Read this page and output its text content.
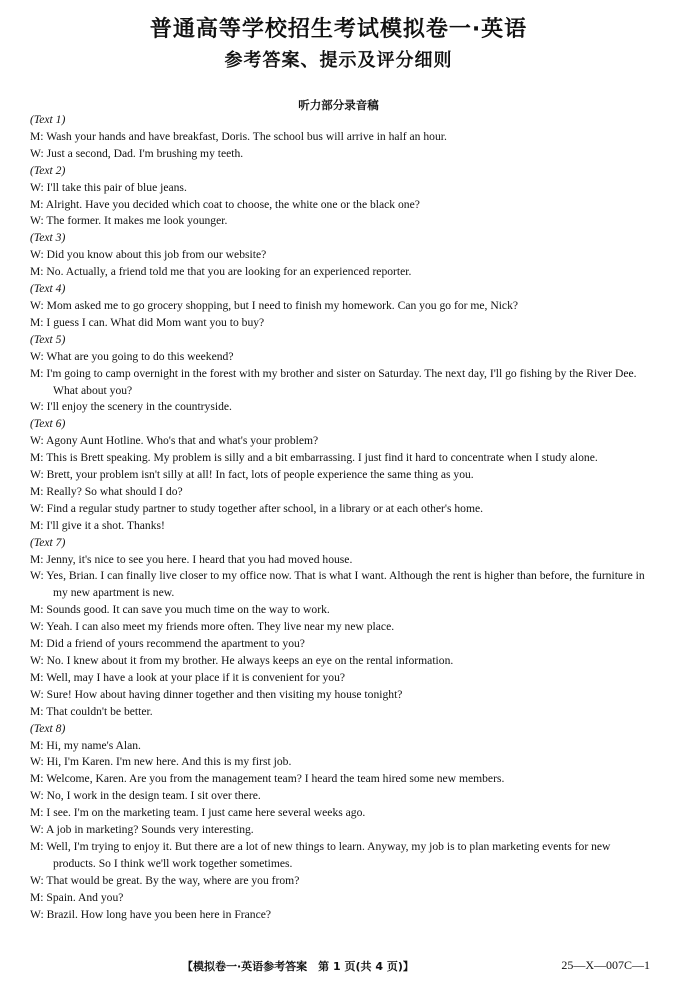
普通高等学校招生考试模拟卷一·英语
参考答案、提示及评分细则
听力部分录音稿
(Text 1)
M: Wash your hands and have breakfast, Doris. The school bus will arrive in half an hour.
W: Just a second, Dad. I'm brushing my teeth.
(Text 2)
W: I'll take this pair of blue jeans.
M: Alright. Have you decided which coat to choose, the white one or the black one?
W: The former. It makes me look younger.
(Text 3)
W: Did you know about this job from our website?
M: No. Actually, a friend told me that you are looking for an experienced reporter.
(Text 4)
W: Mom asked me to go grocery shopping, but I need to finish my homework. Can you go for me, Nick?
M: I guess I can. What did Mom want you to buy?
(Text 5)
W: What are you going to do this weekend?
M: I'm going to camp overnight in the forest with my brother and sister on Saturday. The next day, I'll go fishing by the River Dee. What about you?
W: I'll enjoy the scenery in the countryside.
(Text 6)
W: Agony Aunt Hotline. Who's that and what's your problem?
M: This is Brett speaking. My problem is silly and a bit embarrassing. I just find it hard to concentrate when I study alone.
W: Brett, your problem isn't silly at all! In fact, lots of people experience the same thing as you.
M: Really? So what should I do?
W: Find a regular study partner to study together after school, in a library or at each other's home.
M: I'll give it a shot. Thanks!
(Text 7)
M: Jenny, it's nice to see you here. I heard that you had moved house.
W: Yes, Brian. I can finally live closer to my office now. That is what I want. Although the rent is higher than before, the furniture in my new apartment is new.
M: Sounds good. It can save you much time on the way to work.
W: Yeah. I can also meet my friends more often. They live near my new place.
M: Did a friend of yours recommend the apartment to you?
W: No. I knew about it from my brother. He always keeps an eye on the rental information.
M: Well, may I have a look at your place if it is convenient for you?
W: Sure! How about having dinner together and then visiting my house tonight?
M: That couldn't be better.
(Text 8)
M: Hi, my name's Alan.
W: Hi, I'm Karen. I'm new here. And this is my first job.
M: Welcome, Karen. Are you from the management team? I heard the team hired some new members.
W: No, I work in the design team. I sit over there.
M: I see. I'm on the marketing team. I just came here several weeks ago.
W: A job in marketing? Sounds very interesting.
M: Well, I'm trying to enjoy it. But there are a lot of new things to learn. Anyway, my job is to plan marketing events for new products. So I think we'll work together sometimes.
W: That would be great. By the way, where are you from?
M: Spain. And you?
W: Brazil. How long have you been here in France?
【模拟卷一·英语参考答案　第 1 页(共 4 页)】	25—X—007C—1
